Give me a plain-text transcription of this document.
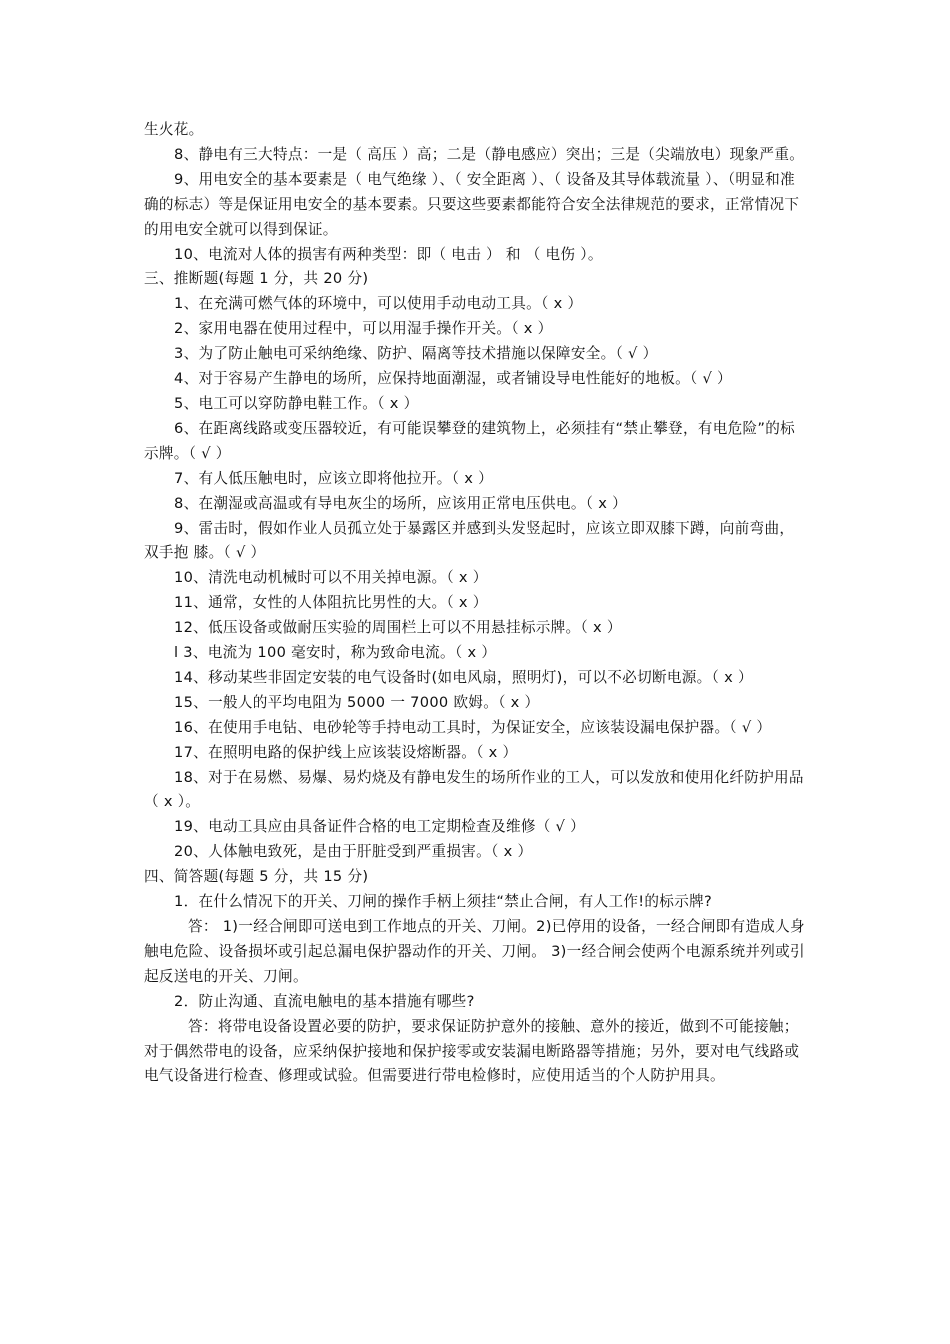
生火花。

8、静电有三大特点：一是（ 高压 ）高；二是（静电感应）突出；三是（尖端放电）现象严重。

9、用电安全的基本要素是（ 电气绝缘 ）、（ 安全距离 ）、（ 设备及其导体载流量 ）、（明显和准确的标志）等是保证用电安全的基本要素。只要这些要素都能符合安全法律规范的要求，正常情况下的用电安全就可以得到保证。

10、电流对人体的损害有两种类型：即（ 电击 ） 和 （ 电伤 ）。

三、推断题(每题 1 分，共 20 分)

1、在充满可燃气体的环境中，可以使用手动电动工具。（ x ）

2、家用电器在使用过程中，可以用湿手操作开关。（ x ）

3、为了防止触电可采纳绝缘、防护、隔离等技术措施以保障安全。（ √ ）

4、对于容易产生静电的场所，应保持地面潮湿，或者铺设导电性能好的地板。（ √ ）

5、电工可以穿防静电鞋工作。（ x ）

6、在距离线路或变压器较近，有可能误攀登的建筑物上，必须挂有“禁止攀登，有电危险”的标示牌。（ √ ）

7、有人低压触电时，应该立即将他拉开。（ x ）

8、在潮湿或高温或有导电灰尘的场所，应该用正常电压供电。（ x ）

9、雷击时，假如作业人员孤立处于暴露区并感到头发竖起时，应该立即双膝下蹲，向前弯曲，双手抱 膝。（ √ ）

10、清洗电动机械时可以不用关掉电源。（ x ）

11、通常，女性的人体阻抗比男性的大。（ x ）

12、低压设备或做耐压实验的周围栏上可以不用悬挂标示牌。（ x ）

l 3、电流为 100 毫安时，称为致命电流。（ x ）

14、移动某些非固定安装的电气设备时(如电风扇，照明灯)，可以不必切断电源。（ x ）

15、一般人的平均电阻为 5000 一 7000 欧姆。（ x ）

16、在使用手电钻、电砂轮等手持电动工具时，为保证安全，应该装设漏电保护器。（ √ ）

17、在照明电路的保护线上应该装设熔断器。（ x ）

18、对于在易燃、易爆、易灼烧及有静电发生的场所作业的工人，可以发放和使用化纤防护用品（ x ）。

19、电动工具应由具备证件合格的电工定期检查及维修（ √ ）

20、人体触电致死，是由于肝脏受到严重损害。（ x ）

四、简答题(每题 5 分，共 15 分)

1．在什么情况下的开关、刀闸的操作手柄上须挂“禁止合闸，有人工作!的标示牌?

答： 1)一经合闸即可送电到工作地点的开关、刀闸。2)已停用的设备，一经合闸即有造成人身触电危险、设备损坏或引起总漏电保护器动作的开关、刀闸。 3)一经合闸会使两个电源系统并列或引起反送电的开关、刀闸。

2．防止沟通、直流电触电的基本措施有哪些?

答：将带电设备设置必要的防护，要求保证防护意外的接触、意外的接近，做到不可能接触；对于偶然带电的设备，应采纳保护接地和保护接零或安装漏电断路器等措施；另外，要对电气线路或电气设备进行检查、修理或试验。但需要进行带电检修时，应使用适当的个人防护用具。
